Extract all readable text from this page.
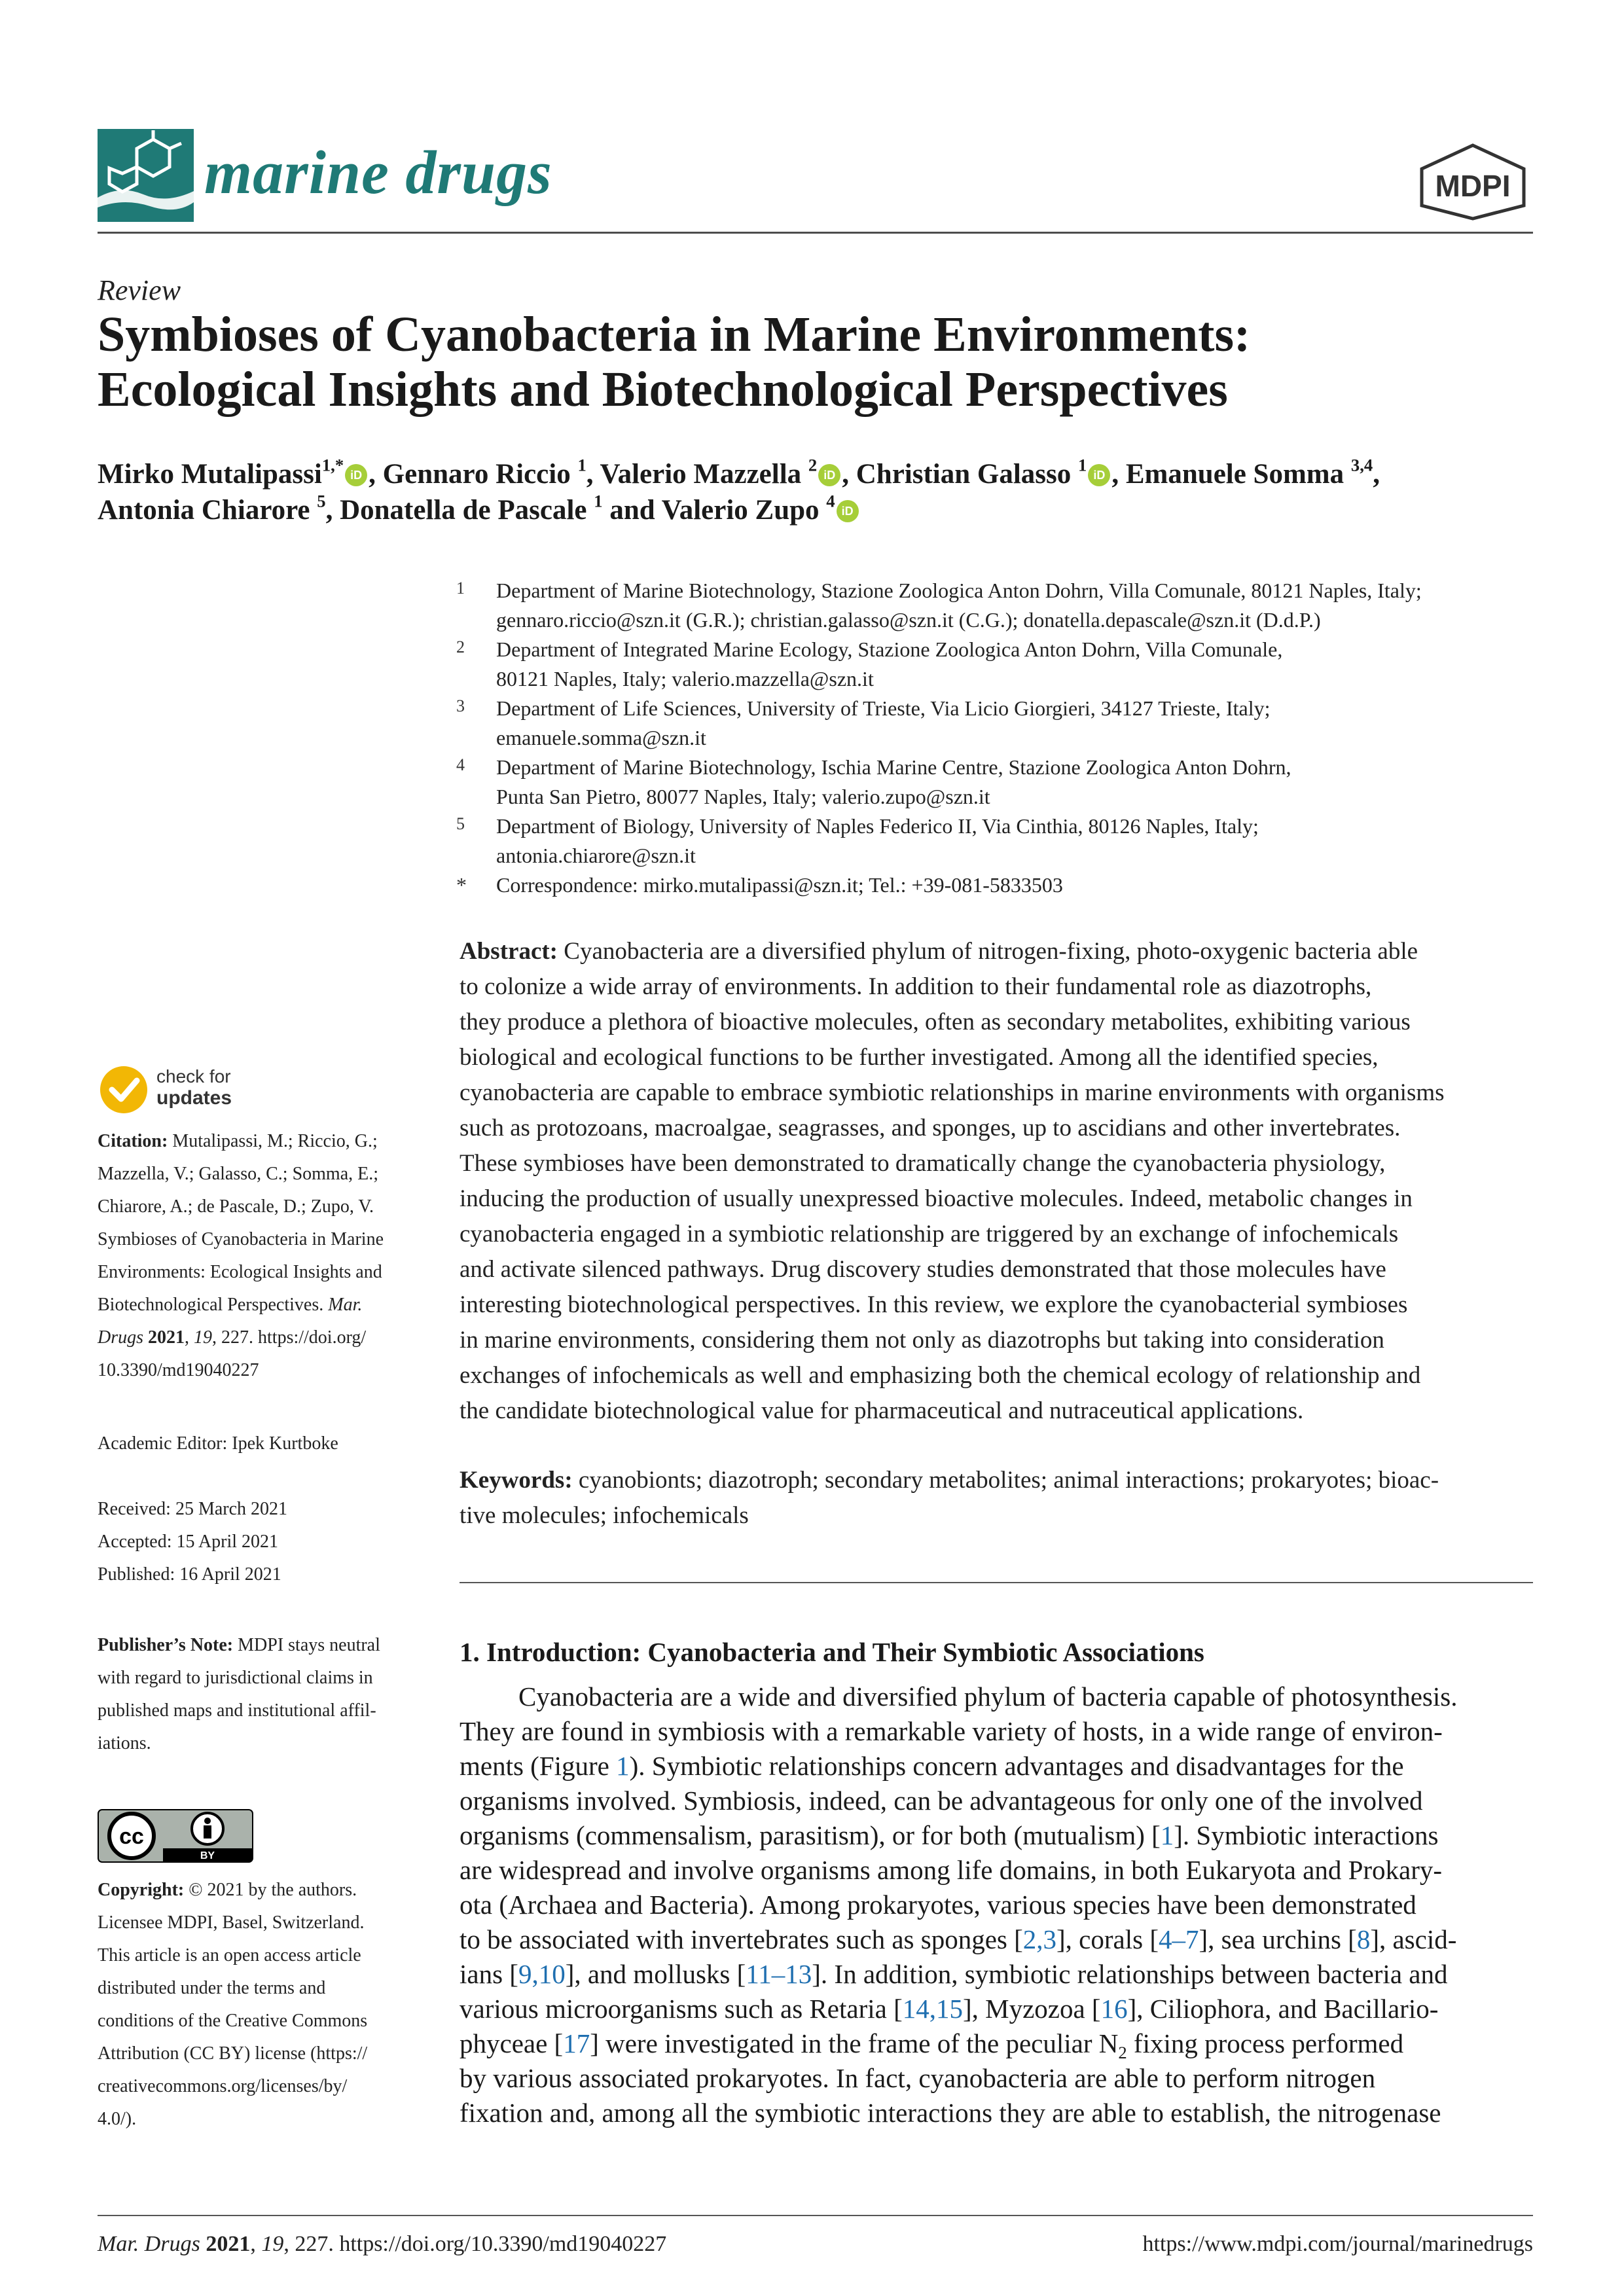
marine drugs	MDPI
Review
Symbioses of Cyanobacteria in Marine Environments:
Ecological Insights and Biotechnological Perspectives
Mirko Mutalipassi$^{1,*}$iD , Gennaro Riccio $^1$, Valerio Mazzella $^2$iD , Christian Galasso $^1$iD , Emanuele Somma $^{3,4}$,
Antonia Chiarore $^5$, Donatella de Pascale $^1$ and Valerio Zupo $^4$iD
1 Department of Marine Biotechnology, Stazione Zoologica Anton Dohrn, Villa Comunale, 80121 Naples, Italy;
gennaro.riccio@szn.it (G.R.); christian.galasso@szn.it (C.G.); donatella.depascale@szn.it (D.d.P.)
2 Department of Integrated Marine Ecology, Stazione Zoologica Anton Dohrn, Villa Comunale,
80121 Naples, Italy; valerio.mazzella@szn.it
3 Department of Life Sciences, University of Trieste, Via Licio Giorgieri, 34127 Trieste, Italy;
emanuele.somma@szn.it
4 Department of Marine Biotechnology, Ischia Marine Centre, Stazione Zoologica Anton Dohrn,
Punta San Pietro, 80077 Naples, Italy; valerio.zupo@szn.it
5 Department of Biology, University of Naples Federico II, Via Cinthia, 80126 Naples, Italy;
antonia.chiarore@szn.it
* Correspondence: mirko.mutalipassi@szn.it; Tel.: +39-081-5833503
Abstract: Cyanobacteria are a diversified phylum of nitrogen-fixing, photo-oxygenic bacteria able
to colonize a wide array of environments. In addition to their fundamental role as diazotrophs,
they produce a plethora of bioactive molecules, often as secondary metabolites, exhibiting various
biological and ecological functions to be further investigated. Among all the identified species,
cyanobacteria are capable to embrace symbiotic relationships in marine environments with organisms
such as protozoans, macroalgae, seagrasses, and sponges, up to ascidians and other invertebrates.
These symbioses have been demonstrated to dramatically change the cyanobacteria physiology,
inducing the production of usually unexpressed bioactive molecules. Indeed, metabolic changes in
cyanobacteria engaged in a symbiotic relationship are triggered by an exchange of infochemicals
and activate silenced pathways. Drug discovery studies demonstrated that those molecules have
interesting biotechnological perspectives. In this review, we explore the cyanobacterial symbioses
in marine environments, considering them not only as diazotrophs but taking into consideration
exchanges of infochemicals as well and emphasizing both the chemical ecology of relationship and
the candidate biotechnological value for pharmaceutical and nutraceutical applications.
Keywords: cyanobionts; diazotroph; secondary metabolites; animal interactions; prokaryotes; bioac-
tive molecules; infochemicals
check for
updates
Citation: Mutalipassi, M.; Riccio, G.;
Mazzella, V.; Galasso, C.; Somma, E.;
Chiarore, A.; de Pascale, D.; Zupo, V.
Symbioses of Cyanobacteria in Marine
Environments: Ecological Insights and
Biotechnological Perspectives. Mar.
Drugs 2021, 19, 227. https://doi.org/
10.3390/md19040227
Academic Editor: Ipek Kurtboke
Received: 25 March 2021
Accepted: 15 April 2021
Published: 16 April 2021
Publisher’s Note: MDPI stays neutral
with regard to jurisdictional claims in
published maps and institutional affil-
iations.
cc
BY
Copyright: © 2021 by the authors.
Licensee MDPI, Basel, Switzerland.
This article is an open access article
distributed under the terms and
conditions of the Creative Commons
Attribution (CC BY) license (https://
creativecommons.org/licenses/by/
4.0/).
1. Introduction: Cyanobacteria and Their Symbiotic Associations
Cyanobacteria are a wide and diversified phylum of bacteria capable of photosynthesis.
They are found in symbiosis with a remarkable variety of hosts, in a wide range of environ-
ments (Figure 1). Symbiotic relationships concern advantages and disadvantages for the
organisms involved. Symbiosis, indeed, can be advantageous for only one of the involved
organisms (commensalism, parasitism), or for both (mutualism) [1]. Symbiotic interactions
are widespread and involve organisms among life domains, in both Eukaryota and Prokary-
ota (Archaea and Bacteria). Among prokaryotes, various species have been demonstrated
to be associated with invertebrates such as sponges [2,3], corals [4–7], sea urchins [8], ascid-
ians [9,10], and mollusks [11–13]. In addition, symbiotic relationships between bacteria and
various microorganisms such as Retaria [14,15], Myzozoa [16], Ciliophora, and Bacillario-
phyceae [17] were investigated in the frame of the peculiar $N_2$ fixing process performed
by various associated prokaryotes. In fact, cyanobacteria are able to perform nitrogen
fixation and, among all the symbiotic interactions they are able to establish, the nitrogenase
Mar. Drugs 2021, 19, 227. https://doi.org/10.3390/md19040227	https://www.mdpi.com/journal/marinedrugs
